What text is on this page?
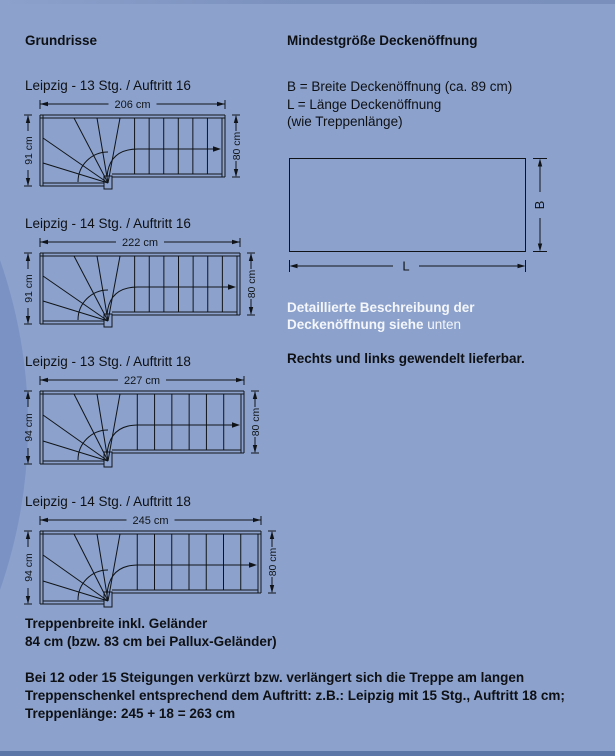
Grundrisse

Leipzig - 13 Stg. / Auftritt 16

206 cm
91 cm	80 cm

Leipzig - 14 Stg. / Auftritt 16

222 cm
91 cm	80 cm

Leipzig - 13 Stg. / Auftritt 18

227 cm
94 cm	80 cm

Leipzig - 14 Stg. / Auftritt 18

245 cm
94 cm	80 cm

Mindestgröße Deckenöffnung

B = Breite Deckenöffnung (ca. 89 cm)
L = Länge Deckenöffnung
(wie Treppenlänge)
B
L

Detaillierte Beschreibung der Deckenöffnung siehe unten

Rechts und links gewendelt lieferbar.

Treppenbreite inkl. Geländer
84 cm (bzw. 83 cm bei Pallux-Geländer)
Bei 12 oder 15 Steigungen verkürzt bzw. verlängert sich die Treppe am langen Treppenschenkel entsprechend dem Auftritt: z.B.: Leipzig mit 15 Stg., Auftritt 18 cm; Treppenlänge: 245 + 18 = 263 cm
